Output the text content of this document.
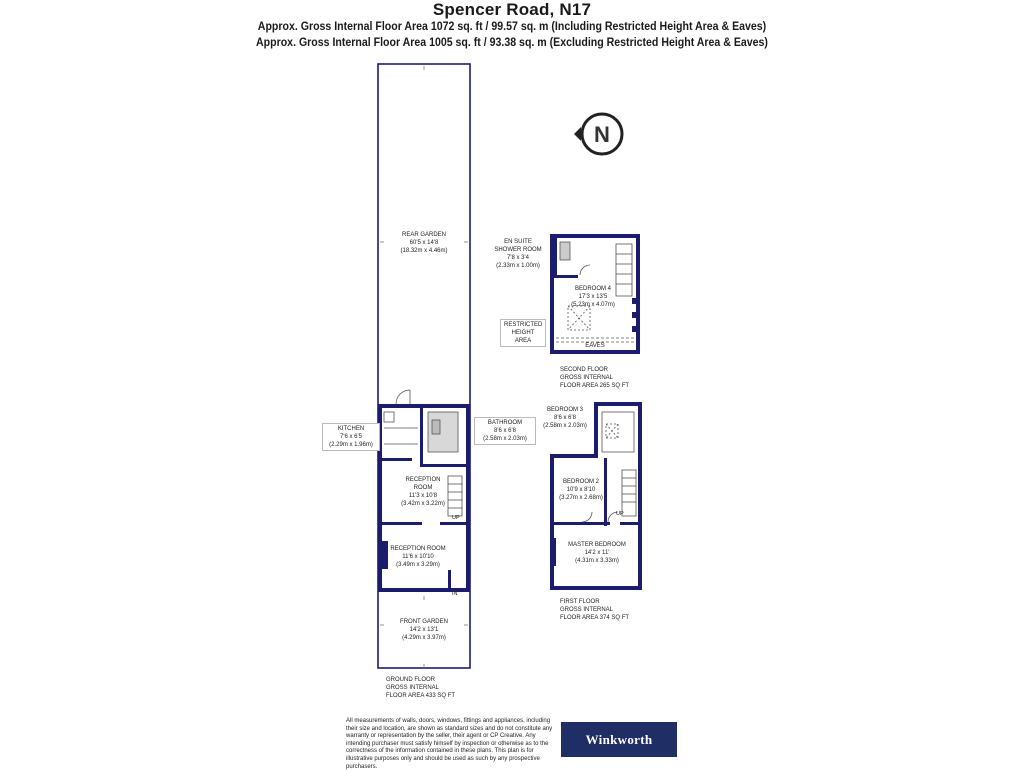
Spencer Road, N17
Approx. Gross Internal Floor Area 1072 sq. ft / 99.57 sq. m (Including Restricted Height Area & Eaves)
Approx. Gross Internal Floor Area 1005 sq. ft / 93.38 sq. m (Excluding Restricted Height Area & Eaves)
N
REAR GARDEN
60'5 x 14'8
(18.32m x 4.46m)
KITCHEN
7'6 x 6'5
(2.29m x 1.96m)
BATHROOM
8'6 x 6'8
(2.58m x 2.03m)
RECEPTION
ROOM
11'3 x 10'8
(3.42m x 3.22m)
RECEPTION ROOM
11'6 x 10'10
(3.49m x 3.29m)
FRONT GARDEN
14'2 x 13'1
(4.29m x 3.97m)
UP
IN
GROUND FLOOR
GROSS INTERNAL
FLOOR AREA 433 SQ FT
EN SUITE
SHOWER ROOM
7'8 x 3'4
(2.33m x 1.00m)
BEDROOM 4
17'3 x 13'5
(5.23m x 4.07m)
RESTRICTED
HEIGHT
AREA
EAVES
SECOND FLOOR
GROSS INTERNAL
FLOOR AREA 265 SQ FT
BEDROOM 3
8'6 x 6'8
(2.58m x 2.03m)
BEDROOM 2
10'9 x 8'10
(3.27m x 2.68m)
MASTER BEDROOM
14'2 x 11'
(4.31m x 3.33m)
UP
FIRST FLOOR
GROSS INTERNAL
FLOOR AREA 374 SQ FT
All measurements of walls, doors, windows, fittings and appliances, including their size and location, are shown as standard sizes and do not constitute any warranty or representation by the seller, their agent or CP Creative. Any intending purchaser must satisfy himself by inspection or otherwise as to the correctness of the information contained in these plans. This plan is for illustrative purposes only and should be used as such by any prospective purchasers.
Winkworth
